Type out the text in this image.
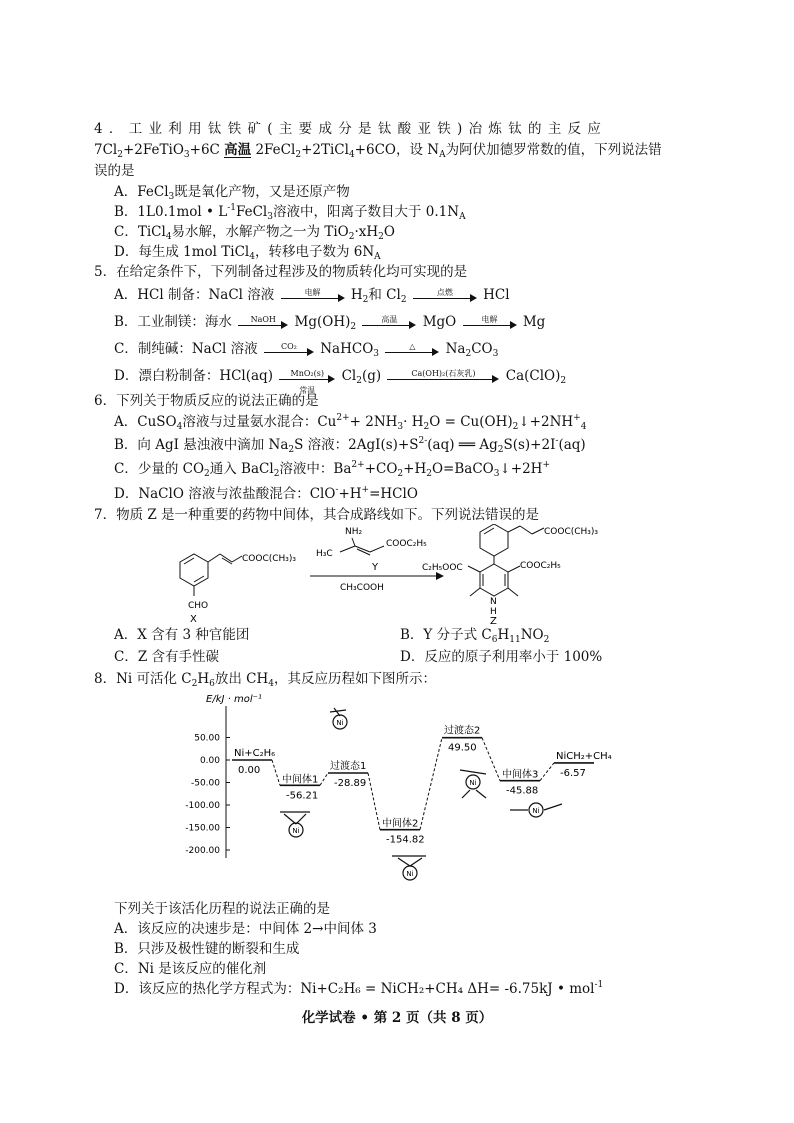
4．工业利用钛铁矿(主要成分是钛酸亚铁)冶炼钛的主反应
$7Cl_2+2FeTiO_3+6C$ 高温 2FeCl$_2$+2TiCl$_4$+6CO，设 $N_A$为阿伏加德罗常数的值，下列说法错
误的是
A．FeCl$_3$既是氧化产物，又是还原产物
B．1L0.1mol • $L^{-1}FeCl_3$溶液中，阳离子数目大于 $0.1N_A$
C．TiCl$_4$易水解，水解产物之一为 $TiO_2\cdot xH_2O$
D．每生成 1mol TiCl$_4$，转移电子数为 $6N_A$
5．在给定条件下，下列制备过程涉及的物质转化均可实现的是
A．HCl 制备：NaCl 溶液	电解	$H_2$和 $Cl_2$
点燃	HCl
B．工业制镁：海水	NaOH	$Mg(OH)_2$
高温	MgO	电解	Mg
C．制纯碱：NaCl 溶液	CO₂	NaHCO$_3$
△	$Na_2CO_3$
D．漂白粉制备：HCl(aq)	MnO₂(s)
常温
$Cl_2(g)$	Ca(OH)₂(石灰乳)	$Ca(ClO)_2$
6．下列关于物质反应的说法正确的是
A．CuSO$_4$溶液与过量氨水混合：$Cu^{2+}+ 2NH_3\cdot H_2O$ = $Cu(OH)_2↓+2NH^+_4$
B．向 AgI 悬浊液中滴加 $Na_2S$ 溶液：$2AgI(s)+S^{2-}(aq)$ ══ $Ag_2S(s)+2I^-(aq)$
C．少量的 $CO_2$通入 BaCl$_2$溶液中：$Ba^{2+}+CO_2+H_2O=BaCO_3↓+2H^+$
D．NaClO 溶液与浓盐酸混合：ClO-+H+=HClO
7．物质 Z 是一种重要的药物中间体，其合成路线如下。下列说法错误的是
COOC(CH₃)₃
CHO
X
NH₂
H₃C
COOC₂H₅
Y
CH₃COOH
COOC(CH₃)₃
C₂H₅OOC	COOC₂H₅
N
H
Z
A．X 含有 3 种官能团	B．Y 分子式 $C_6H_{11}NO_2$
C．Z 含有手性碳	D．反应的原子利用率小于 100%
8．Ni 可活化 $C_2H_6$放出 $CH_4$，其反应历程如下图所示：
E/kJ · mol⁻¹
50.00
0.00
-50.00
-100.00
-150.00
-200.00
Ni+C₂H₆
0.00
中间体1
-56.21
过渡态1
-28.89
中间体2
-154.82
过渡态2
49.50
中间体3
-45.88
NiCH₂+CH₄
-6.57
Ni
Ni
Ni
Ni
Ni
下列关于该活化历程的说法正确的是
A．该反应的决速步是：中间体 2→中间体 3
B．只涉及极性键的断裂和生成
C．Ni 是该反应的催化剂
D．该反应的热化学方程式为：Ni+C₂H₆ = NiCH₂+CH₄ ΔH= -6.75kJ • mol$^{-1}$
化学试卷 • 第 2 页（共 8 页）
